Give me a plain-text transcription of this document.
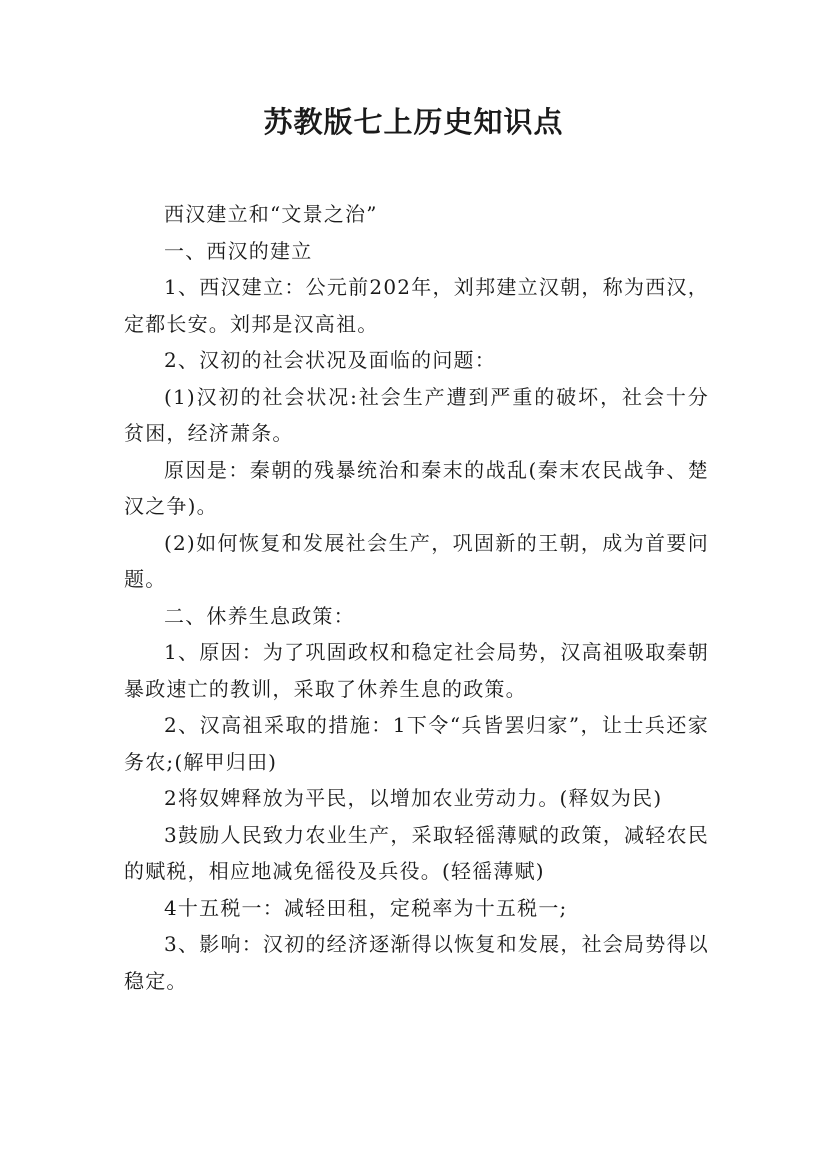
苏教版七上历史知识点

西汉建立和“文景之治”

一、西汉的建立

1、西汉建立：公元前202年，刘邦建立汉朝，称为西汉，定都长安。刘邦是汉高祖。

2、汉初的社会状况及面临的问题：

(1)汉初的社会状况:社会生产遭到严重的破坏，社会十分贫困，经济萧条。

原因是：秦朝的残暴统治和秦末的战乱(秦末农民战争、楚汉之争)。

(2)如何恢复和发展社会生产，巩固新的王朝，成为首要问题。

二、休养生息政策：

1、原因：为了巩固政权和稳定社会局势，汉高祖吸取秦朝暴政速亡的教训，采取了休养生息的政策。

2、汉高祖采取的措施：1下令“兵皆罢归家”，让士兵还家务农;(解甲归田)

2将奴婢释放为平民，以增加农业劳动力。(释奴为民)

3鼓励人民致力农业生产，采取轻徭薄赋的政策，减轻农民的赋税，相应地减免徭役及兵役。(轻徭薄赋)

4十五税一：减轻田租，定税率为十五税一;

3、影响：汉初的经济逐渐得以恢复和发展，社会局势得以稳定。
